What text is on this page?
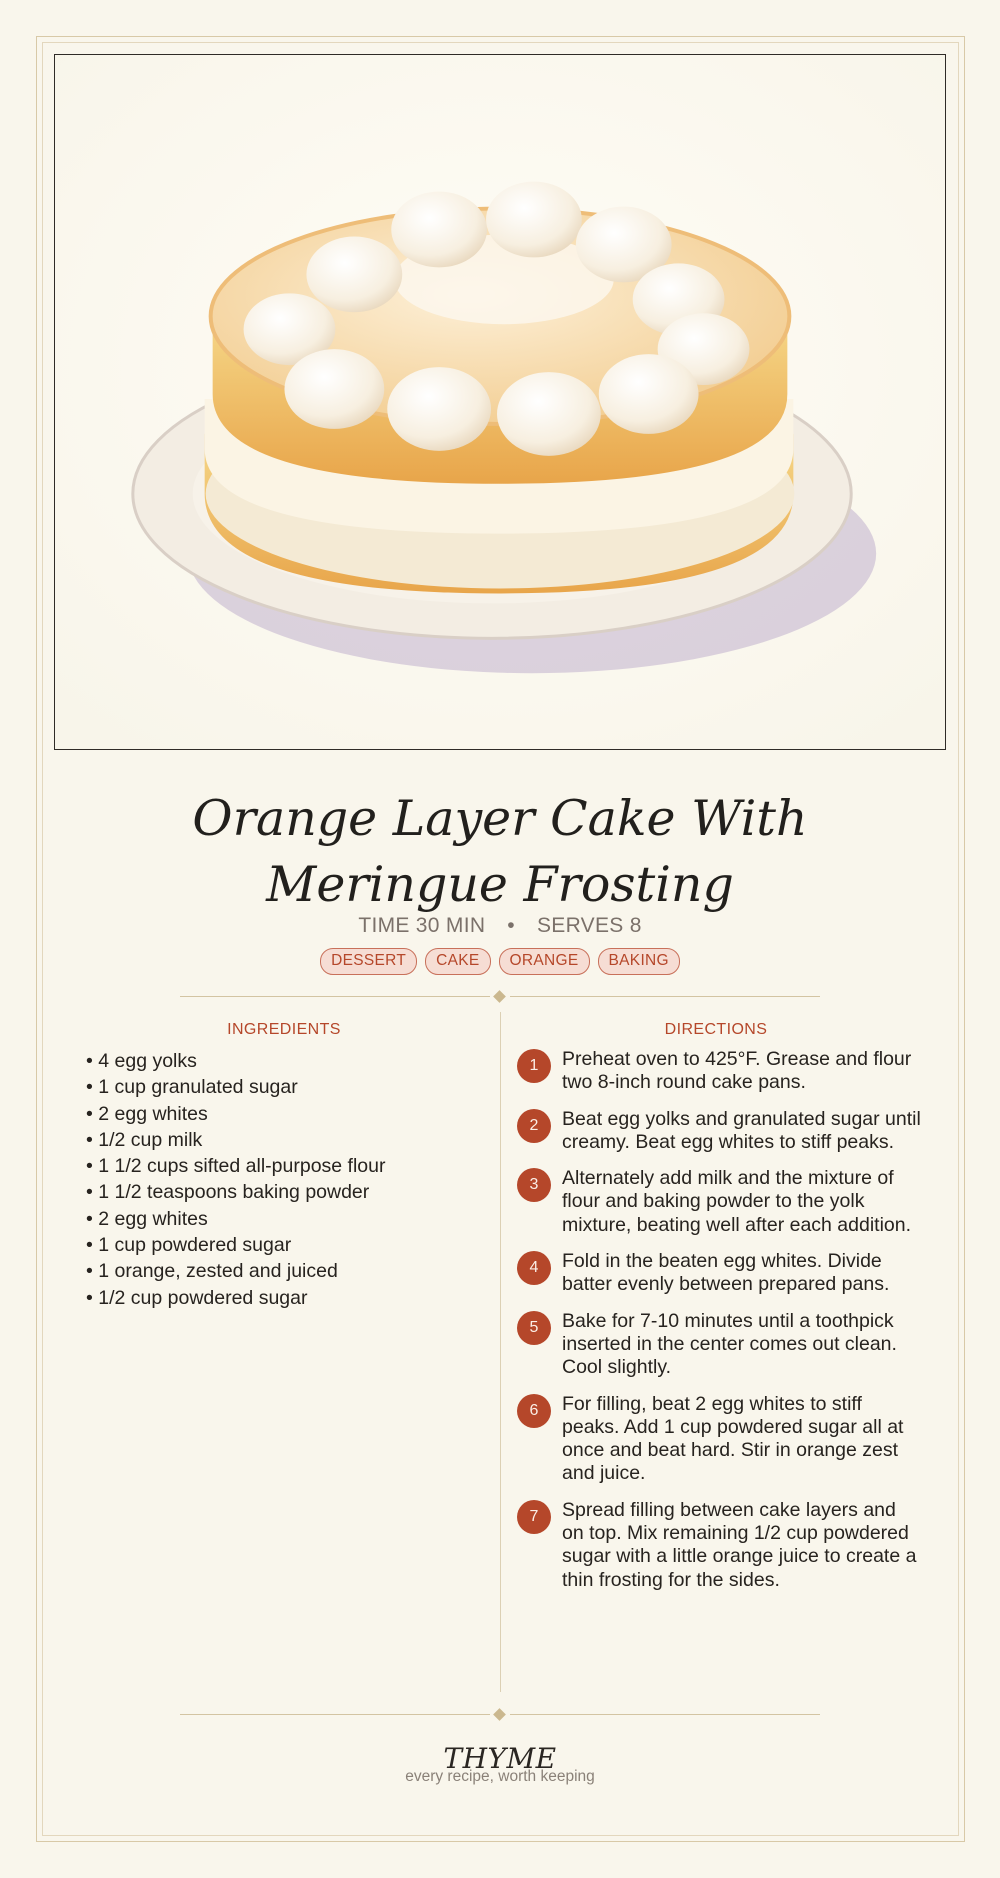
Orange Layer Cake With Meringue Frosting
TIME 30 MIN • SERVES 8
DESSERT	CAKE	ORANGE	BAKING
INGREDIENTS
• 4 egg yolks
• 1 cup granulated sugar
• 2 egg whites
• 1/2 cup milk
• 1 1/2 cups sifted all-purpose flour
• 1 1/2 teaspoons baking powder
• 2 egg whites
• 1 cup powdered sugar
• 1 orange, zested and juiced
• 1/2 cup powdered sugar
DIRECTIONS
1	Preheat oven to 425°F. Grease and flour two 8-inch round cake pans.
2	Beat egg yolks and granulated sugar until creamy. Beat egg whites to stiff peaks.
3	Alternately add milk and the mixture of flour and baking powder to the yolk mixture, beating well after each addition.
4	Fold in the beaten egg whites. Divide batter evenly between prepared pans.
5	Bake for 7-10 minutes until a toothpick inserted in the center comes out clean. Cool slightly.
6	For filling, beat 2 egg whites to stiff peaks. Add 1 cup powdered sugar all at once and beat hard. Stir in orange zest and juice.
7	Spread filling between cake layers and on top. Mix remaining 1/2 cup powdered sugar with a little orange juice to create a thin frosting for the sides.
THYME
every recipe, worth keeping
